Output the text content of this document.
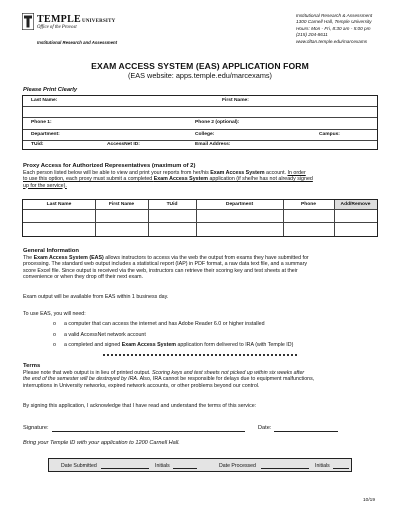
TEMPLEUNIVERSITY
Office of the Provost
Institutional Research and Assessment
Institutional Research & Assessment
1300 Carnell Hall, Temple University
Hours: Mon - Fri, 8:30 am - 5:00 pm
(215) 204-8611
www.tiltan.temple.edu/marcexams
EXAM ACCESS SYSTEM (EAS) APPLICATION FORM
(EAS website: apps.temple.edu/marcexams)
Please Print Clearly
Last Name:	First Name:
Phone 1:	Phone 2 (optional):
Department:	College:	Campus:
TUid:	AccessNet ID:	Email Address:
Proxy Access for Authorized Representatives (maximum of 2)
Each person listed below will be able to view and print your reports from her/his Exam Access System account. In order
to use this option, each proxy must submit a completed Exam Access System application (if she/he has not already signed
up for the service).
Last Name	First Name	TUid	Department	Phone	Add/Remove
General Information
The Exam Access System (EAS) allows instructors to access via the web the output from exams they have submitted for
processing. The standard web output includes a statistical report (IAP) in PDF format, a raw data text file, and a summary
score Excel file. Since output is received via the web, instructors can retrieve their scoring key and test sheets at their
convenience or when they drop off their next exam.
Exam output will be available from EAS within 1 business day.
To use EAS, you will need:
o a computer that can access the internet and has Adobe Reader 6.0 or higher installed
o a valid AccessNet network account
o a completed and signed Exam Access System application form delivered to IRA (with Temple ID)
Terms
Please note that web output is in lieu of printed output. Scoring keys and test sheets not picked up within six weeks after
the end of the semester will be destroyed by IRA. Also, IRA cannot be responsible for delays due to equipment malfunctions,
interruptions in University networks, expired network accounts, or other problems beyond our control.
By signing this application, I acknowledge that I have read and understand the terms of this service:
Signature:	Date:
Bring your Temple ID with your application to 1200 Carnell Hall.
Date Submitted	Initials	Date Processed	Initials
10/19
